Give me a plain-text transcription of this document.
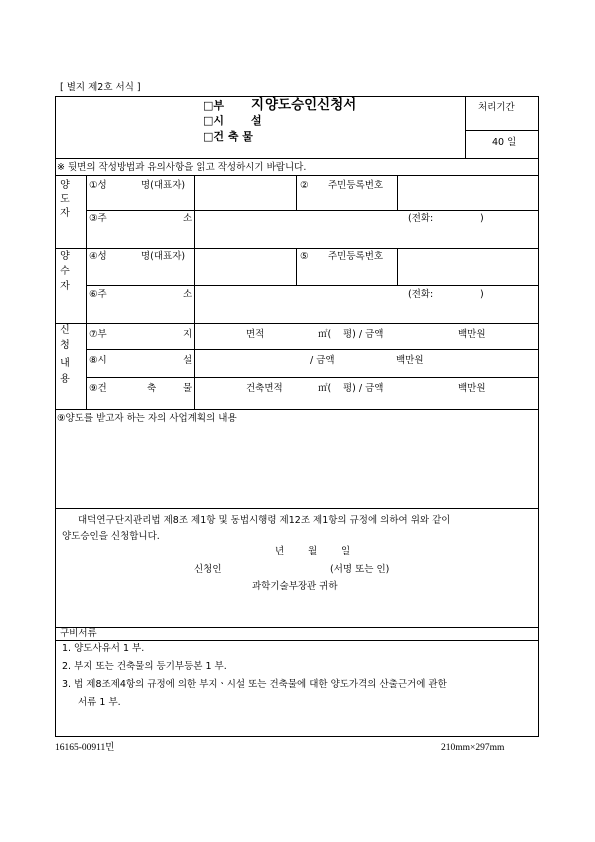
[ 별지 제2호 서식 ]
□부
□시
□건 축 물
지
설
양도승인신청서	처리기간
40 일
※ 뒷면의 작성방법과 유의사항을 읽고 작성하시기 바랍니다.
양
도
자
①성	명(대표자)	② 주민등록번호
③주	소	(전화:	)
양
수
자
④성	명(대표자)	⑤ 주민등록번호
⑥주	소	(전화:	)
신
청
내
용
⑦부	지	면적	㎡( 평) / 금액	백만원
⑧시	설	/ 금액	백만원
⑨건	축	물	건축면적	㎡( 평) / 금액	백만원
⑨양도를 받고자 하는 자의 사업계획의 내용
대덕연구단지관리법 제8조 제1항 및 동법시행령 제12조 제1항의 규정에 의하여 위와 같이
양도승인을 신청합니다.
년	월	일
신청인	(서명 또는 인)
과학기술부장관 귀하
구비서류
1. 양도사유서 1 부.
2. 부지 또는 건축물의 등기부등본 1 부.
3. 법 제8조제4항의 규정에 의한 부지ㆍ시설 또는 건축물에 대한 양도가격의 산출근거에 관한
서류 1 부.
16165-00911민	210mm×297mm
